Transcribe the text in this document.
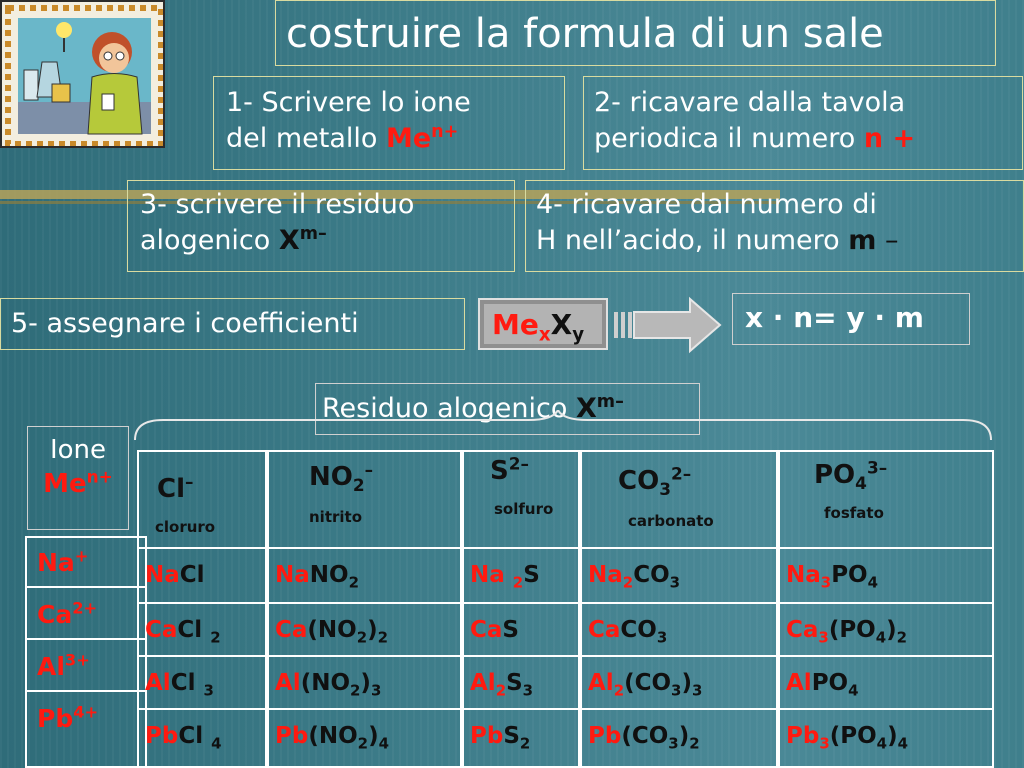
costruire la formula di un sale
1- Scrivere lo ione
del metallo $Me^{n+}$
2- ricavare dalla tavola
periodica il numero n +
3- scrivere il residuo
alogenico $X^{m-}$
4- ricavare dal numero di
H nell’acido, il numero m –
5- assegnare i coefficienti	$Me_xX_y$
x · n= y · m
Residuo alogenico $X^{m-}$
Ione
$Me^{n+}$
Na+
$Ca^{2+}$
$Al^{3+}$
$Pb^{4+}$
Cl–
cloruro
NaCl
CaCl $_2$
AlCl $_3$
PbCl $_4$
$NO_2^-$
nitrito
NaNO$_2$
$Ca(NO_2)_2$
$Al(NO_2)_3$
$Pb(NO_2)_4$
$S^{2-}$
solfuro
Na $_2$S
CaS
$Al_2S_3$
PbS$_2$
$CO_3^{2-}$
carbonato
$Na_2CO_3$
CaCO$_3$
$Al_2(CO_3)_3$
$Pb(CO_3)_2$
$PO_4^{3-}$
fosfato
$Na_3PO_4$
$Ca_3(PO_4)_2$
AlPO$_4$
$Pb_3(PO_4)_4$
